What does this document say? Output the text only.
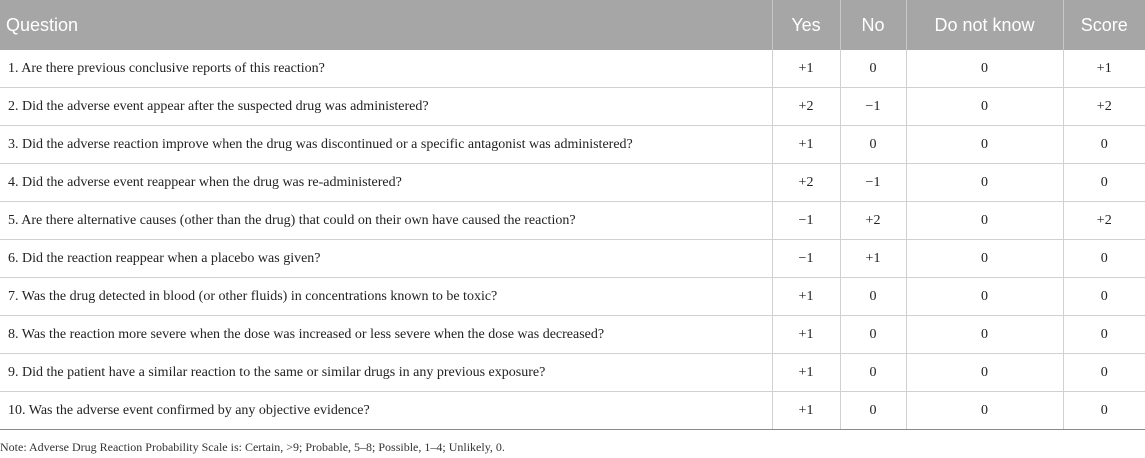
Question	Yes	No	Do not know	Score
1. Are there previous conclusive reports of this reaction?	+1	0	0	+1
2. Did the adverse event appear after the suspected drug was administered?	+2	−1	0	+2
3. Did the adverse reaction improve when the drug was discontinued or a specific antagonist was administered?	+1	0	0	0
4. Did the adverse event reappear when the drug was re-administered?	+2	−1	0	0
5. Are there alternative causes (other than the drug) that could on their own have caused the reaction?	−1	+2	0	+2
6. Did the reaction reappear when a placebo was given?	−1	+1	0	0
7. Was the drug detected in blood (or other fluids) in concentrations known to be toxic?	+1	0	0	0
8. Was the reaction more severe when the dose was increased or less severe when the dose was decreased?	+1	0	0	0
9. Did the patient have a similar reaction to the same or similar drugs in any previous exposure?	+1	0	0	0
10. Was the adverse event confirmed by any objective evidence?	+1	0	0	0
Note: Adverse Drug Reaction Probability Scale is: Certain, >9; Probable, 5–8; Possible, 1–4; Unlikely, 0.
